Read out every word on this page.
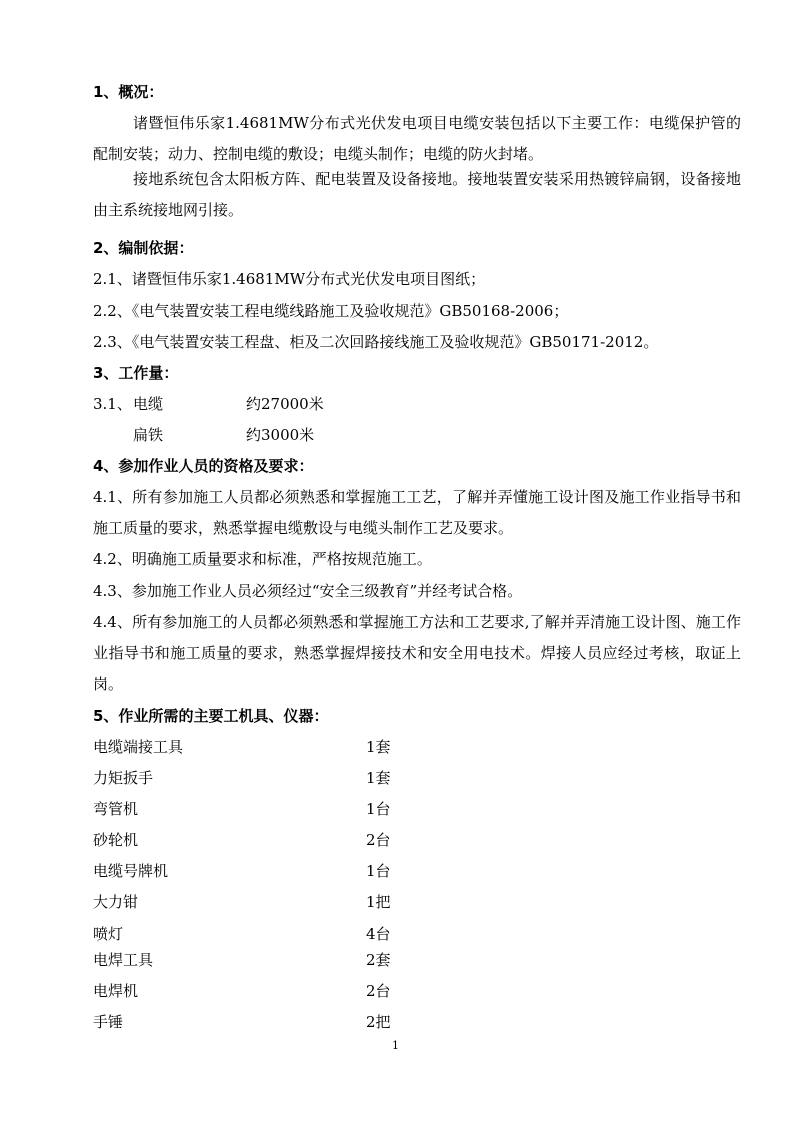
1、概况：
诸暨恒伟乐家1.4681MW分布式光伏发电项目电缆安装包括以下主要工作：电缆保护管的配制安装；动力、控制电缆的敷设；电缆头制作；电缆的防火封堵。
接地系统包含太阳板方阵、配电装置及设备接地。接地装置安装采用热镀锌扁钢，设备接地由主系统接地网引接。
2、编制依据：
2.1、诸暨恒伟乐家1.4681MW分布式光伏发电项目图纸；
2.2、《电气装置安装工程电缆线路施工及验收规范》GB50168-2006；
2.3、《电气装置安装工程盘、柜及二次回路接线施工及验收规范》GB50171-2012。
3、工作量：
3.1、 电缆	约27000米
扁铁	约3000米
4、参加作业人员的资格及要求：
4.1、所有参加施工人员都必须熟悉和掌握施工工艺，了解并弄懂施工设计图及施工作业指导书和施工质量的要求，熟悉掌握电缆敷设与电缆头制作工艺及要求。
4.2、明确施工质量要求和标准，严格按规范施工。
4.3、参加施工作业人员必须经过“安全三级教育”并经考试合格。
4.4、所有参加施工的人员都必须熟悉和掌握施工方法和工艺要求,了解并弄清施工设计图、施工作业指导书和施工质量的要求，熟悉掌握焊接技术和安全用电技术。焊接人员应经过考核，取证上岗。
5、作业所需的主要工机具、仪器：
电缆端接工具	1套
力矩扳手	1套
弯管机	1台
砂轮机	2台
电缆号牌机	1台
大力钳	1把
喷灯	4台
电焊工具	2套
电焊机	2台
手锤	2把
1
